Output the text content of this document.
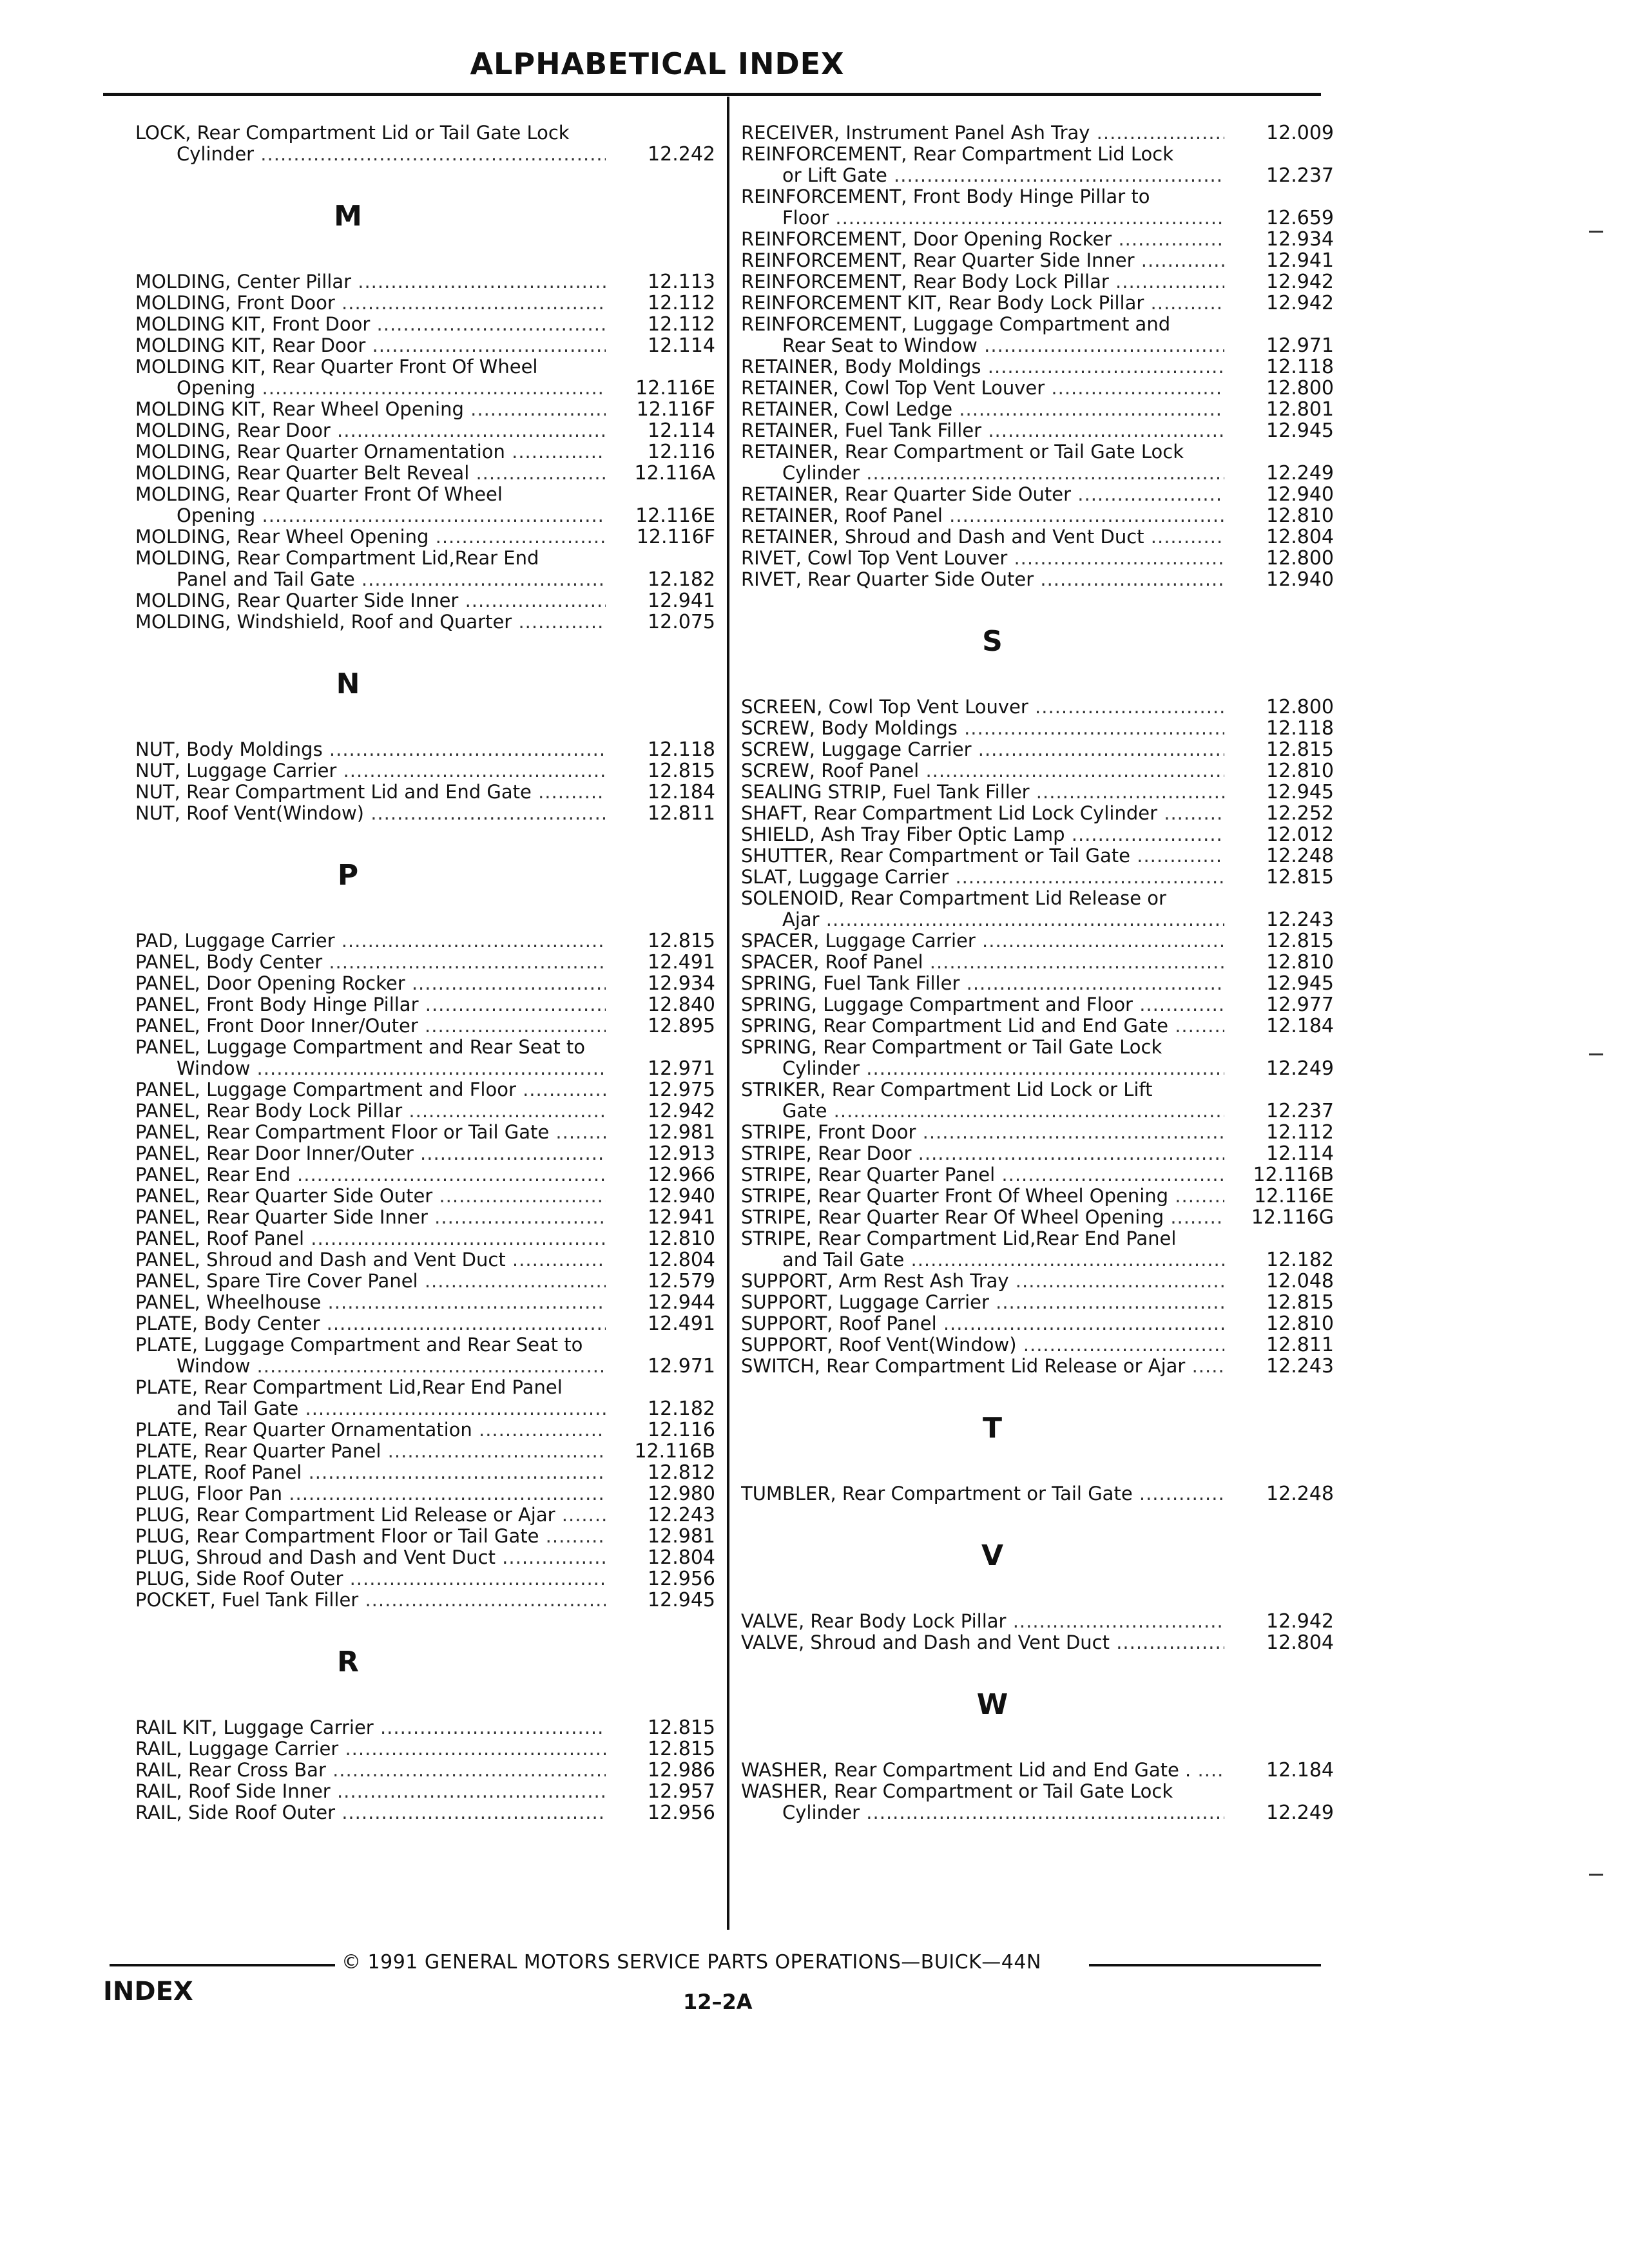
ALPHABETICAL INDEX
LOCK, Rear Compartment Lid or Tail Gate Lock
Cylinder .....	12.242
M
MOLDING, Center Pillar .....	12.113
MOLDING, Front Door .....	12.112
MOLDING KIT, Front Door .....	12.112
MOLDING KIT, Rear Door .....	12.114
MOLDING KIT, Rear Quarter Front Of Wheel
Opening .....	12.116E
MOLDING KIT, Rear Wheel Opening .....	12.116F
MOLDING, Rear Door .....	12.114
MOLDING, Rear Quarter Ornamentation .....	12.116
MOLDING, Rear Quarter Belt Reveal .....	12.116A
MOLDING, Rear Quarter Front Of Wheel
Opening .....	12.116E
MOLDING, Rear Wheel Opening .....	12.116F
MOLDING, Rear Compartment Lid,Rear End
Panel and Tail Gate .....	12.182
MOLDING, Rear Quarter Side Inner .....	12.941
MOLDING, Windshield, Roof and Quarter .....	12.075
N
NUT, Body Moldings .....	12.118
NUT, Luggage Carrier .....	12.815
NUT, Rear Compartment Lid and End Gate .....	12.184
NUT, Roof Vent(Window) .....	12.811
P
PAD, Luggage Carrier .....	12.815
PANEL, Body Center .....	12.491
PANEL, Door Opening Rocker .....	12.934
PANEL, Front Body Hinge Pillar .....	12.840
PANEL, Front Door Inner/Outer .....	12.895
PANEL, Luggage Compartment and Rear Seat to
Window .....	12.971
PANEL, Luggage Compartment and Floor .....	12.975
PANEL, Rear Body Lock Pillar .....	12.942
PANEL, Rear Compartment Floor or Tail Gate .....	12.981
PANEL, Rear Door Inner/Outer .....	12.913
PANEL, Rear End .....	12.966
PANEL, Rear Quarter Side Outer .....	12.940
PANEL, Rear Quarter Side Inner .....	12.941
PANEL, Roof Panel .....	12.810
PANEL, Shroud and Dash and Vent Duct .....	12.804
PANEL, Spare Tire Cover Panel .....	12.579
PANEL, Wheelhouse .....	12.944
PLATE, Body Center .....	12.491
PLATE, Luggage Compartment and Rear Seat to
Window .....	12.971
PLATE, Rear Compartment Lid,Rear End Panel
and Tail Gate .....	12.182
PLATE, Rear Quarter Ornamentation .....	12.116
PLATE, Rear Quarter Panel .....	12.116B
PLATE, Roof Panel .....	12.812
PLUG, Floor Pan .....	12.980
PLUG, Rear Compartment Lid Release or Ajar .....	12.243
PLUG, Rear Compartment Floor or Tail Gate .....	12.981
PLUG, Shroud and Dash and Vent Duct .....	12.804
PLUG, Side Roof Outer .....	12.956
POCKET, Fuel Tank Filler .....	12.945
R
RAIL KIT, Luggage Carrier .....	12.815
RAIL, Luggage Carrier .....	12.815
RAIL, Rear Cross Bar .....	12.986
RAIL, Roof Side Inner .....	12.957
RAIL, Side Roof Outer .....	12.956
RECEIVER, Instrument Panel Ash Tray .....	12.009
REINFORCEMENT, Rear Compartment Lid Lock
or Lift Gate .....	12.237
REINFORCEMENT, Front Body Hinge Pillar to
Floor .....	12.659
REINFORCEMENT, Door Opening Rocker .....	12.934
REINFORCEMENT, Rear Quarter Side Inner .....	12.941
REINFORCEMENT, Rear Body Lock Pillar .....	12.942
REINFORCEMENT KIT, Rear Body Lock Pillar .....	12.942
REINFORCEMENT, Luggage Compartment and
Rear Seat to Window .....	12.971
RETAINER, Body Moldings .....	12.118
RETAINER, Cowl Top Vent Louver .....	12.800
RETAINER, Cowl Ledge .....	12.801
RETAINER, Fuel Tank Filler .....	12.945
RETAINER, Rear Compartment or Tail Gate Lock
Cylinder .....	12.249
RETAINER, Rear Quarter Side Outer .....	12.940
RETAINER, Roof Panel .....	12.810
RETAINER, Shroud and Dash and Vent Duct .....	12.804
RIVET, Cowl Top Vent Louver .....	12.800
RIVET, Rear Quarter Side Outer .....	12.940
S
SCREEN, Cowl Top Vent Louver .....	12.800
SCREW, Body Moldings .....	12.118
SCREW, Luggage Carrier .....	12.815
SCREW, Roof Panel .....	12.810
SEALING STRIP, Fuel Tank Filler .....	12.945
SHAFT, Rear Compartment Lid Lock Cylinder .....	12.252
SHIELD, Ash Tray Fiber Optic Lamp .....	12.012
SHUTTER, Rear Compartment or Tail Gate .....	12.248
SLAT, Luggage Carrier .....	12.815
SOLENOID, Rear Compartment Lid Release or
Ajar .....	12.243
SPACER, Luggage Carrier .....	12.815
SPACER, Roof Panel .....	12.810
SPRING, Fuel Tank Filler .....	12.945
SPRING, Luggage Compartment and Floor .....	12.977
SPRING, Rear Compartment Lid and End Gate .....	12.184
SPRING, Rear Compartment or Tail Gate Lock
Cylinder .....	12.249
STRIKER, Rear Compartment Lid Lock or Lift
Gate .....	12.237
STRIPE, Front Door .....	12.112
STRIPE, Rear Door .....	12.114
STRIPE, Rear Quarter Panel .....	12.116B
STRIPE, Rear Quarter Front Of Wheel Opening .....	12.116E
STRIPE, Rear Quarter Rear Of Wheel Opening .....	12.116G
STRIPE, Rear Compartment Lid,Rear End Panel
and Tail Gate .....	12.182
SUPPORT, Arm Rest Ash Tray .....	12.048
SUPPORT, Luggage Carrier .....	12.815
SUPPORT, Roof Panel .....	12.810
SUPPORT, Roof Vent(Window) .....	12.811
SWITCH, Rear Compartment Lid Release or Ajar .....	12.243
T
TUMBLER, Rear Compartment or Tail Gate .....	12.248
V
VALVE, Rear Body Lock Pillar .....	12.942
VALVE, Shroud and Dash and Vent Duct .....	12.804
W
WASHER, Rear Compartment Lid and End Gate . .....	12.184
WASHER, Rear Compartment or Tail Gate Lock
Cylinder .....	12.249
© 1991 GENERAL MOTORS SERVICE PARTS OPERATIONS—BUICK—44N
INDEX	12–2A
